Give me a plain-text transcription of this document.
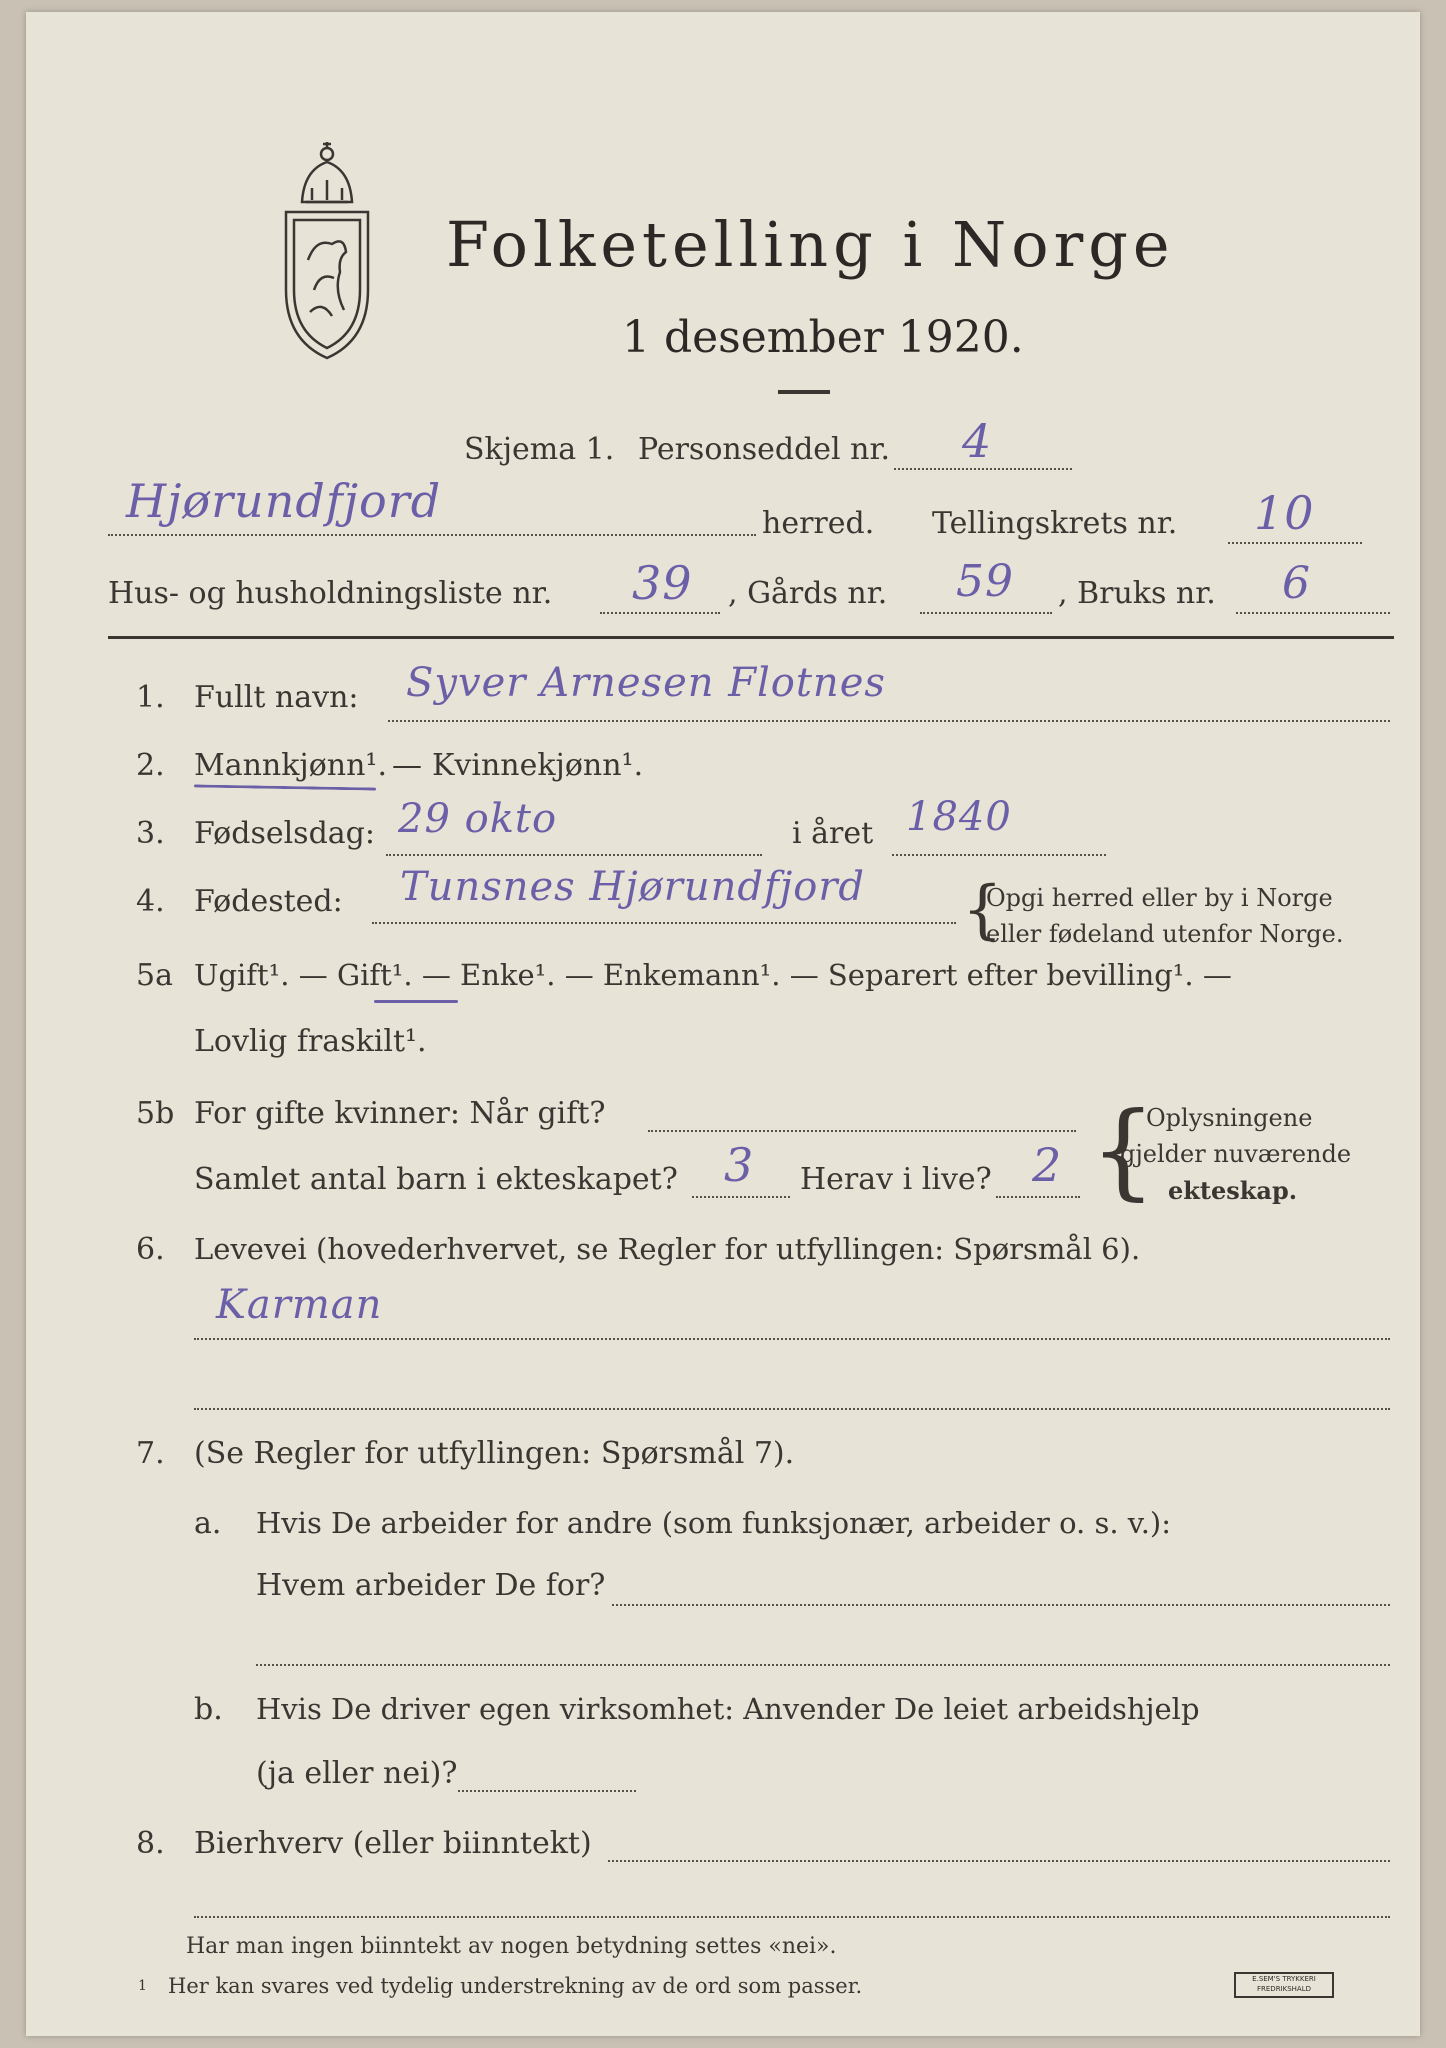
Folketelling i Norge
1 desember 1920.
Skjema 1. Personseddel nr. 4
Hjørundfjord	herred. Tellingskrets nr. 10
Hus- og husholdningsliste nr. 39 , Gårds nr. 59 , Bruks nr. 6
1. Fullt navn: Syver Arnesen Flotnes
2. Mannkjønn¹. — Kvinnekjønn¹.
3. Fødselsdag: 29 okto	i året 1840
4. Fødested: Tunsnes Hjørundfjord {
Opgi herred eller by i Norge
eller fødeland utenfor Norge.
5a Ugift¹. — Gift¹. — Enke¹. — Enkemann¹. — Separert efter bevilling¹. —
Lovlig fraskilt¹.
5b For gifte kvinner: Når gift?
Samlet antal barn i ekteskapet? 3 Herav i live? 2 {
Oplysningene
gjelder nuværende
ekteskap.
6. Levevei (hovederhvervet, se Regler for utfyllingen: Spørsmål 6).
Karman
7. (Se Regler for utfyllingen: Spørsmål 7).
a. Hvis De arbeider for andre (som funksjonær, arbeider o. s. v.):
Hvem arbeider De for?
b. Hvis De driver egen virksomhet: Anvender De leiet arbeidshjelp
(ja eller nei)?
8. Bierhverv (eller biinntekt)
Har man ingen biinntekt av nogen betydning settes «nei».
1 Her kan svares ved tydelig understrekning av de ord som passer.	E.SEM'S TRYKKERI FREDRIKSHALD
